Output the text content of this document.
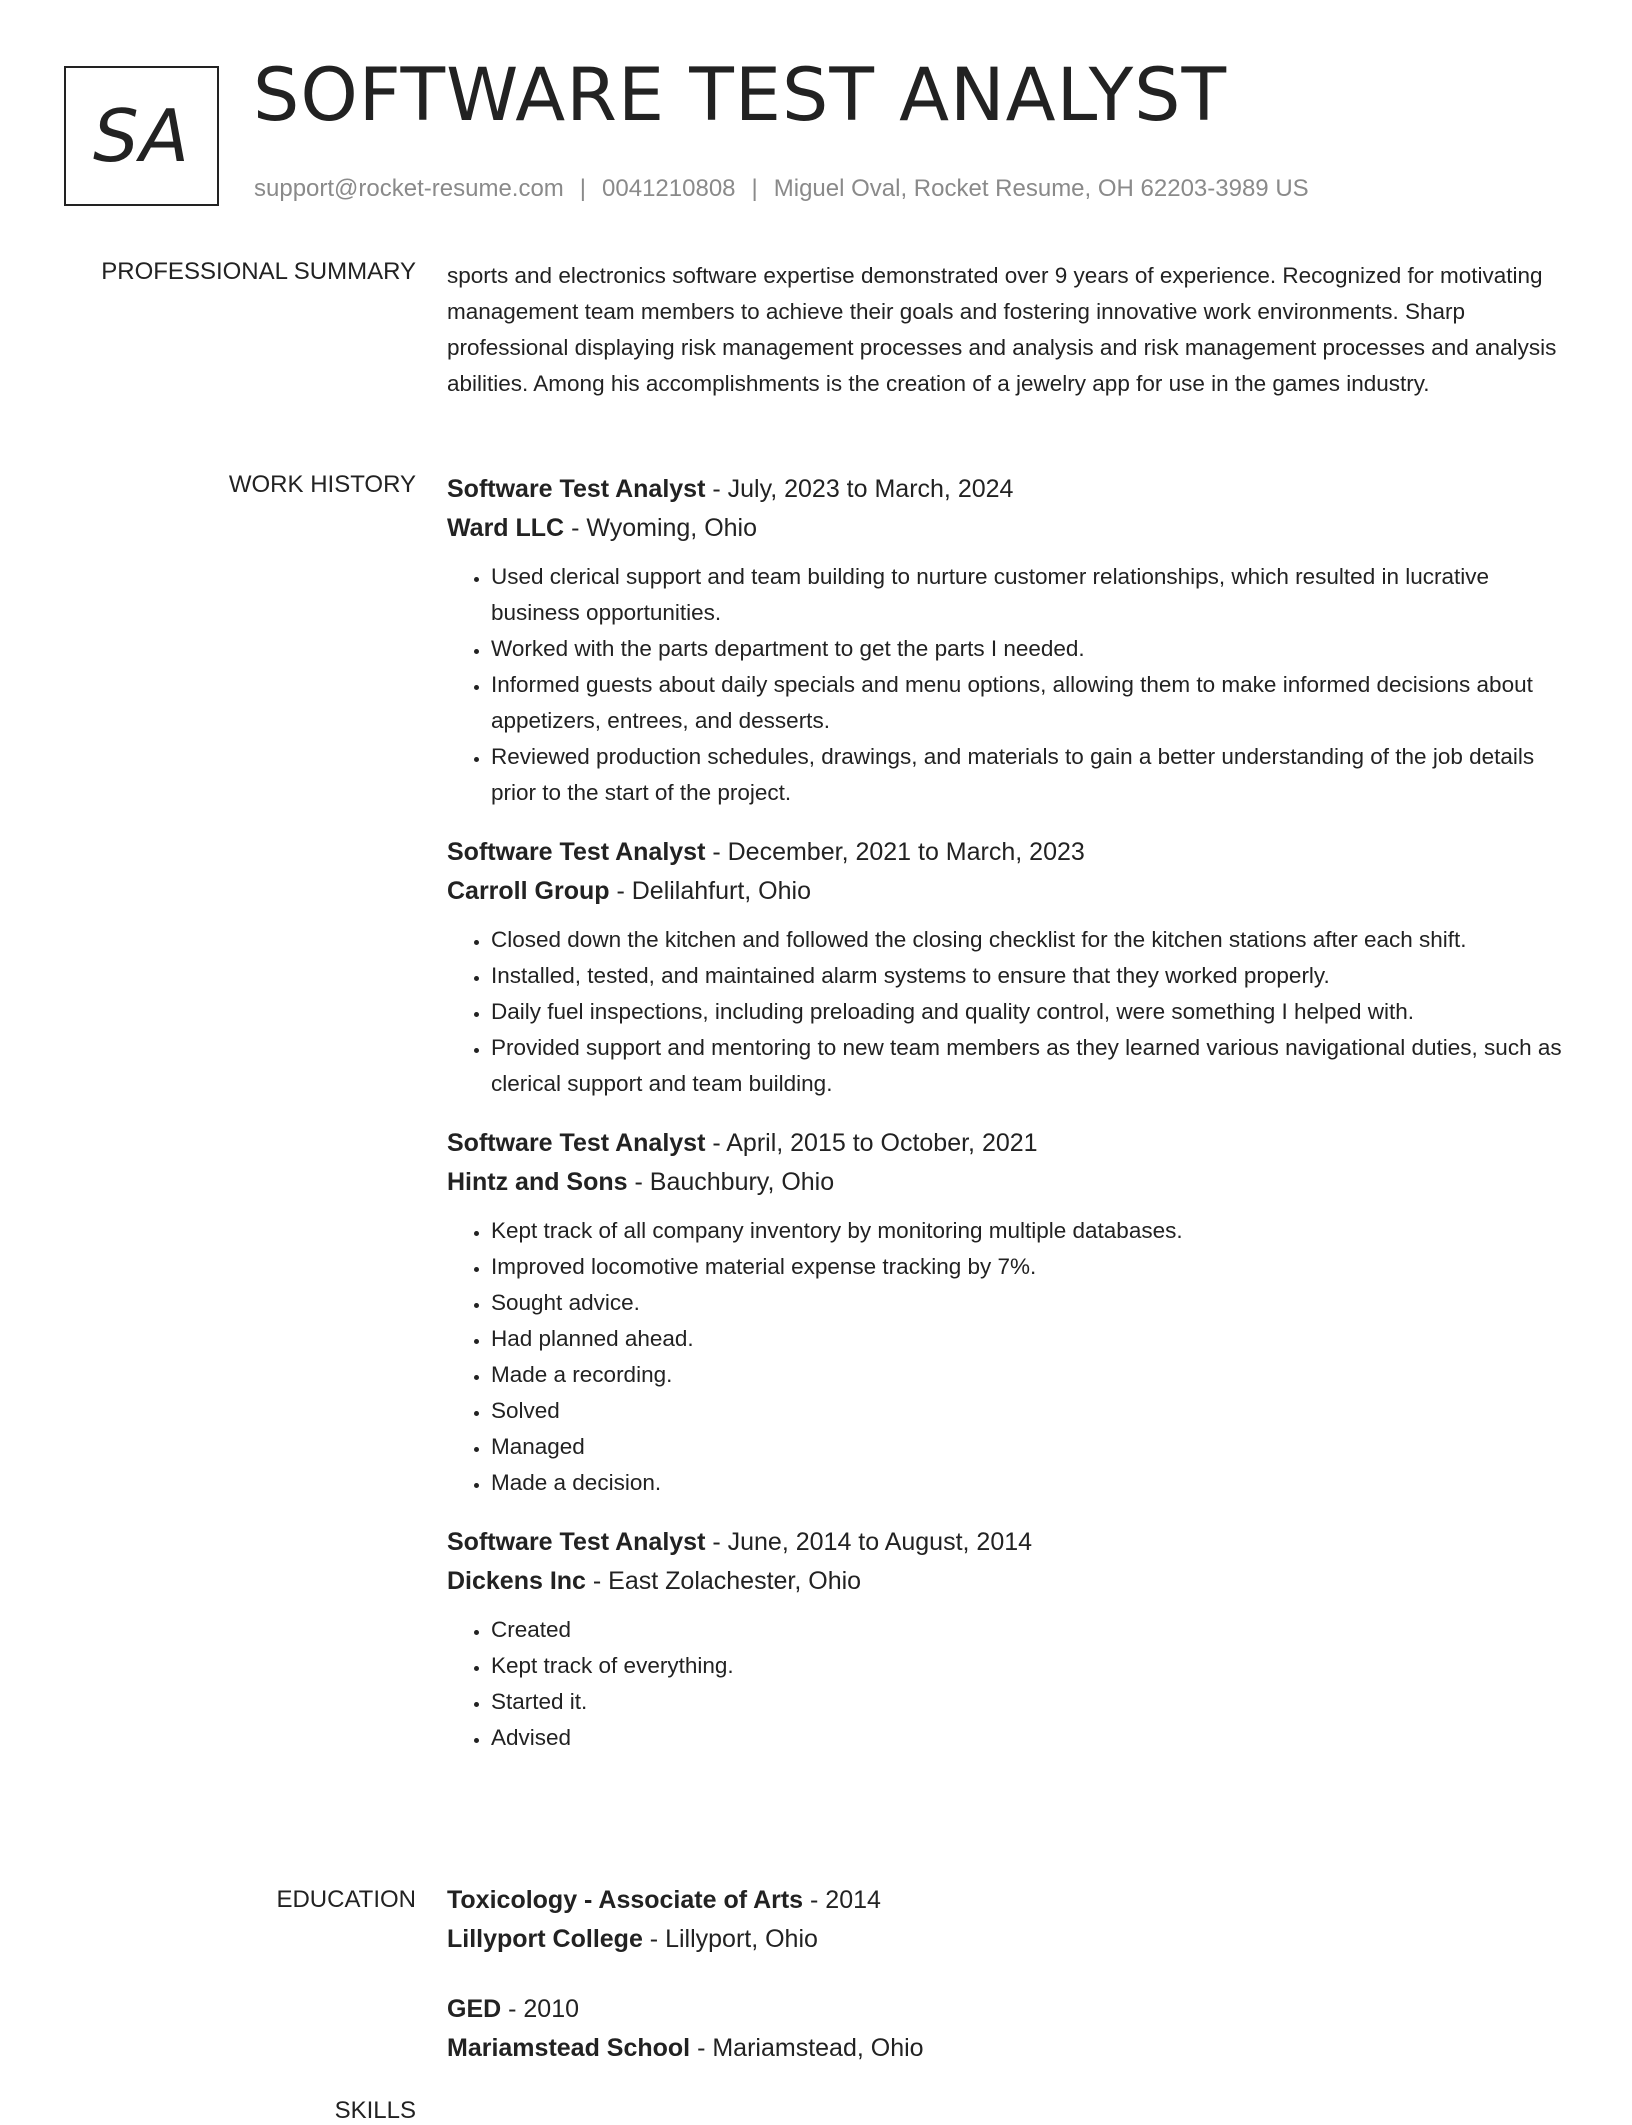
SA SOFTWARE TEST ANALYST
support@rocket-resume.com | 0041210808 | Miguel Oval, Rocket Resume, OH 62203-3989 US
PROFESSIONAL SUMMARY sports and electronics software expertise demonstrated over 9 years of experience. Recognized for motivating management team members to achieve their goals and fostering innovative work environments. Sharp professional displaying risk management processes and analysis and risk management processes and analysis abilities. Among his accomplishments is the creation of a jewelry app for use in the games industry.

WORK HISTORY Software Test Analyst - July, 2023 to March, 2024
Ward LLC - Wyoming, Ohio
• Used clerical support and team building to nurture customer relationships, which resulted in lucrative business opportunities.
• Worked with the parts department to get the parts I needed.
• Informed guests about daily specials and menu options, allowing them to make informed decisions about appetizers, entrees, and desserts.
• Reviewed production schedules, drawings, and materials to gain a better understanding of the job details prior to the start of the project.
Software Test Analyst - December, 2021 to March, 2023
Carroll Group - Delilahfurt, Ohio
• Closed down the kitchen and followed the closing checklist for the kitchen stations after each shift.
• Installed, tested, and maintained alarm systems to ensure that they worked properly.
• Daily fuel inspections, including preloading and quality control, were something I helped with.
• Provided support and mentoring to new team members as they learned various navigational duties, such as clerical support and team building.
Software Test Analyst - April, 2015 to October, 2021
Hintz and Sons - Bauchbury, Ohio
• Kept track of all company inventory by monitoring multiple databases.
• Improved locomotive material expense tracking by 7%.
• Sought advice.
• Had planned ahead.
• Made a recording.
• Solved
• Managed
• Made a decision.
Software Test Analyst - June, 2014 to August, 2014
Dickens Inc - East Zolachester, Ohio
• Created
• Kept track of everything.
• Started it.
• Advised
EDUCATION Toxicology - Associate of Arts - 2014
Lillyport College - Lillyport, Ohio
GED - 2010
Mariamstead School - Mariamstead, Ohio
SKILLS
